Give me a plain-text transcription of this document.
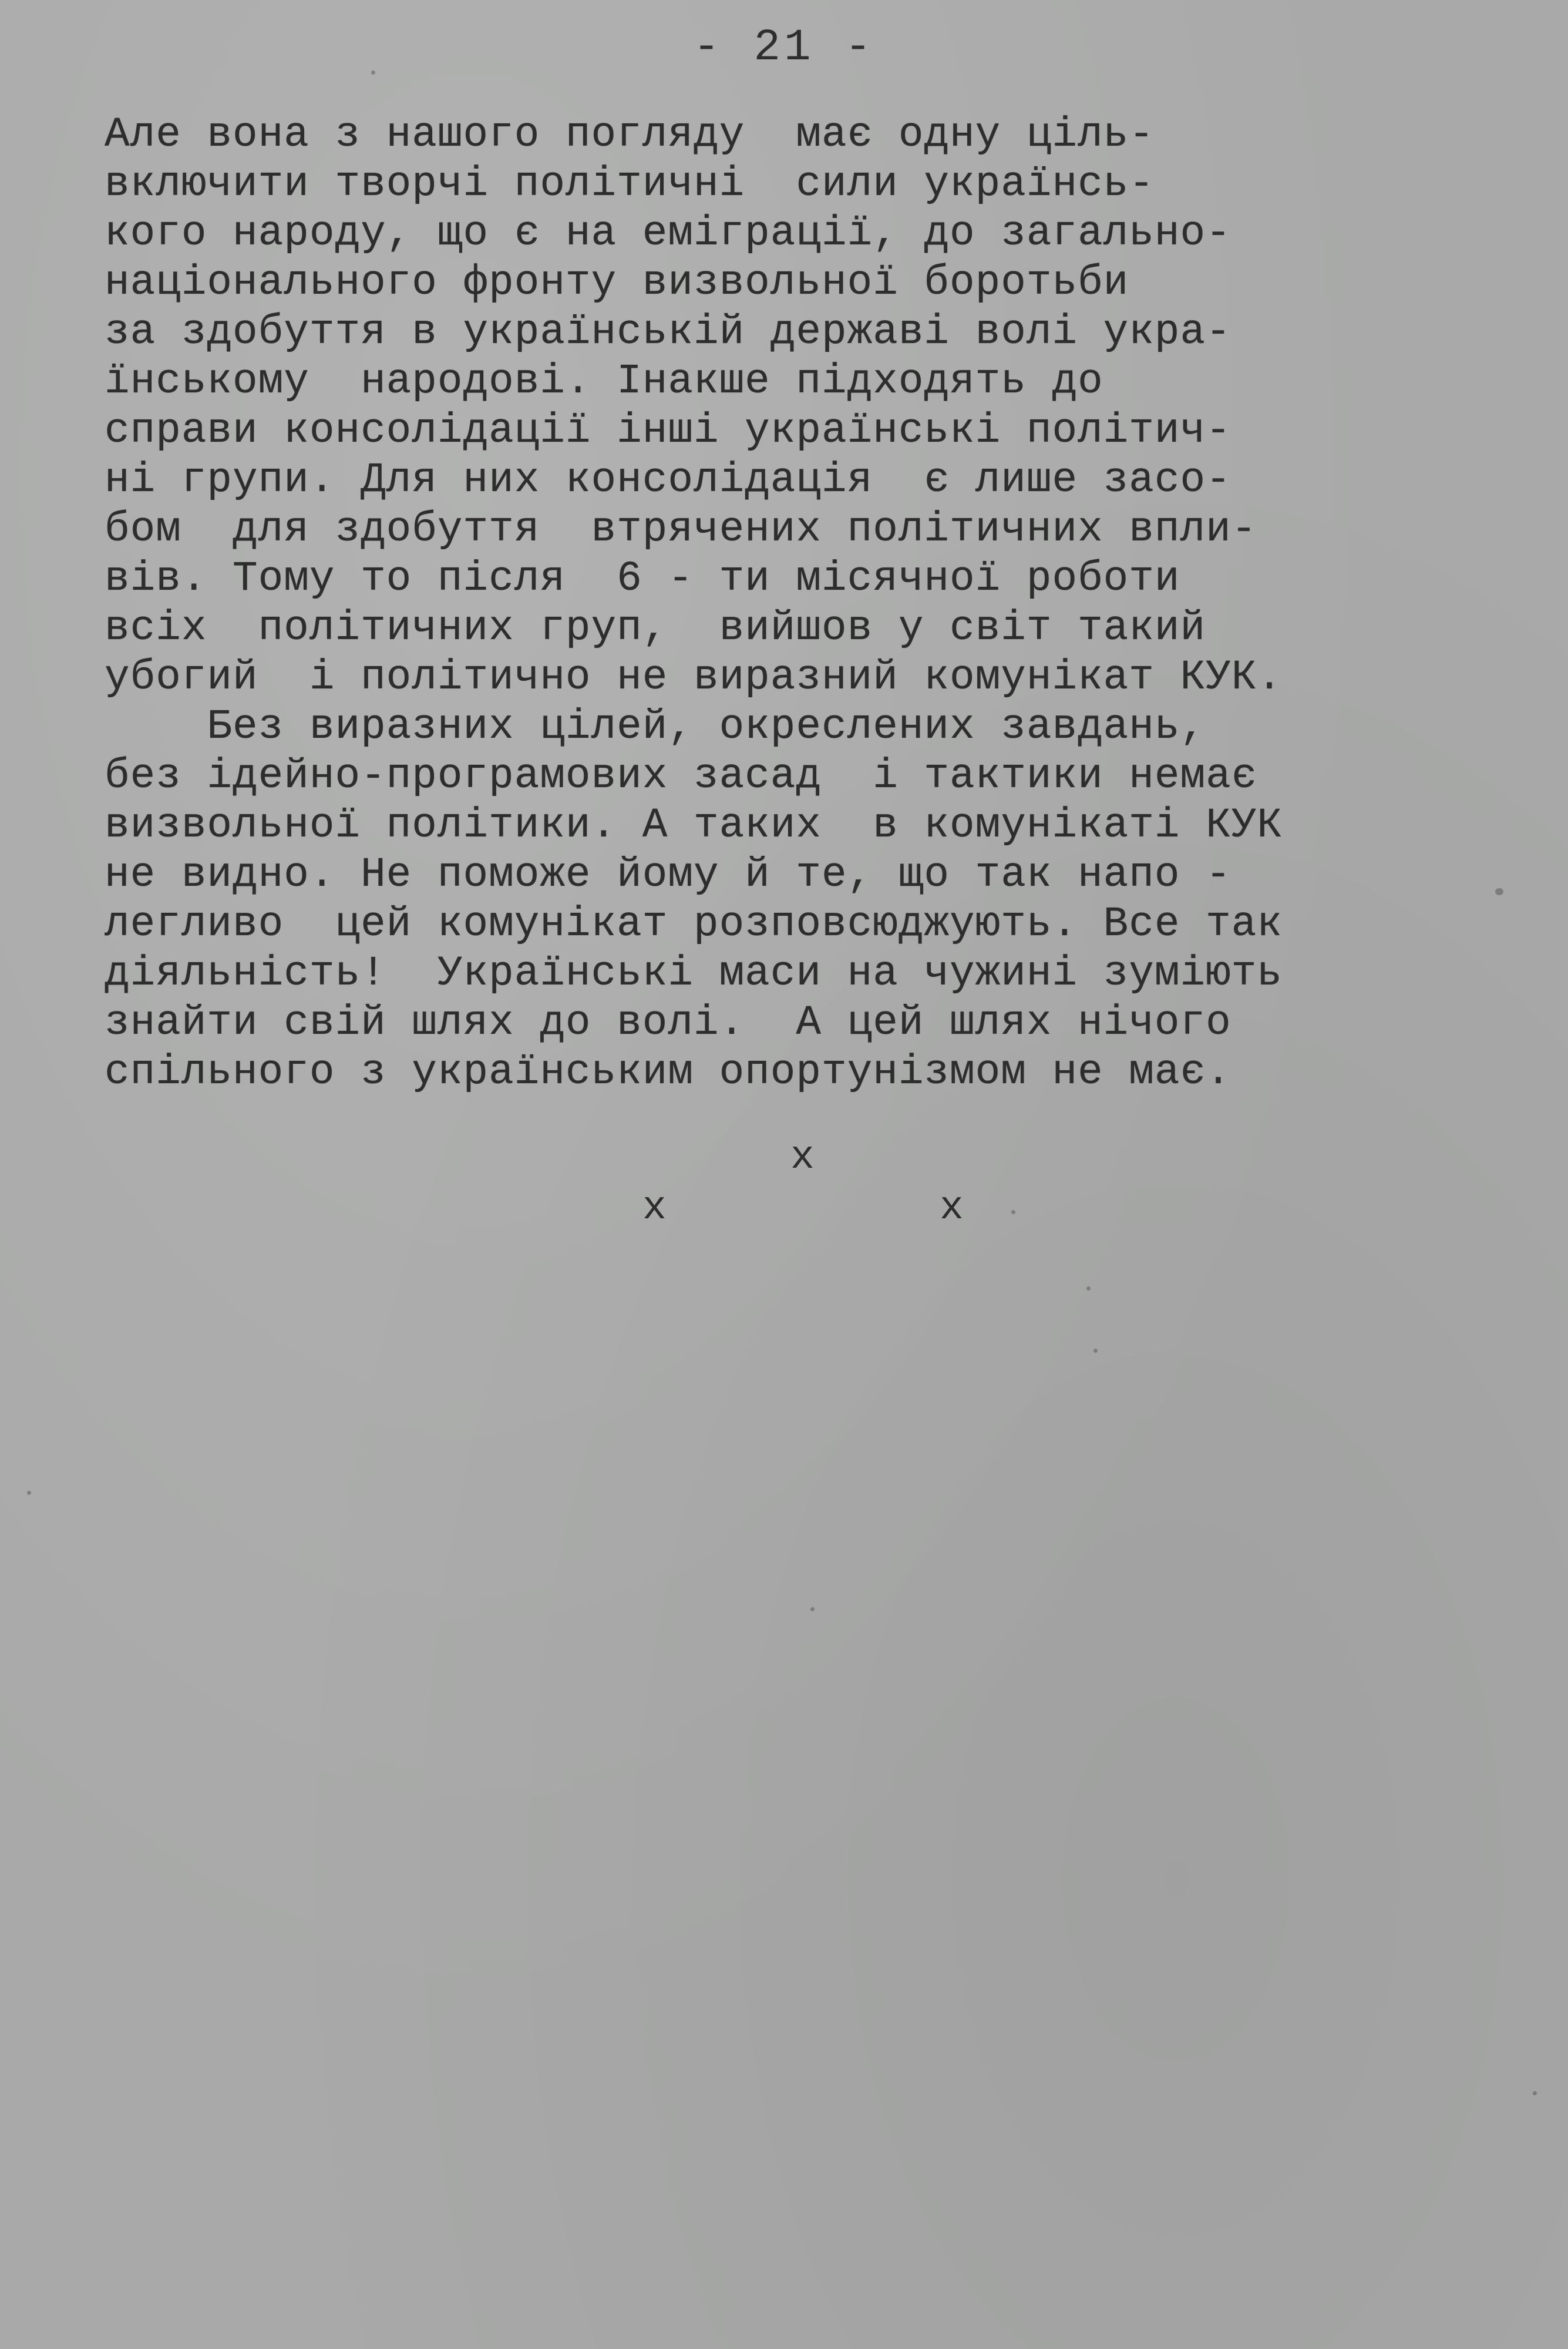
- 21 -
Але вона з нашого погляду  має одну ціль-
включити творчі політичні  сили українсь-
кого народу, що є на еміграції, до загально-
національного фронту визвольної боротьби
за здобуття в українській державі волі укра-
їнському  народові. Інакше підходять до
справи консолідації інші українські політич-
ні групи. Для них консолідація  є лише засо-
бом  для здобуття  втрячених політичних впли-
вів. Тому то після  6 - ти місячної роботи
всіх  політичних груп,  вийшов у світ такий
убогий  і політично не виразний комунікат КУК.
Без виразних цілей, окреслених завдань,
без ідейно-програмових засад  і тактики немає
визвольної політики. А таких  в комунікаті КУК
не видно. Не поможе йому й те, що так напо -
легливо  цей комунікат розповсюджують. Все так
діяльність!  Українські маси на чужині зуміють
знайти свій шлях до волі.  А цей шлях нічого
спільного з українським опортунізмом не має.
x
x	x
